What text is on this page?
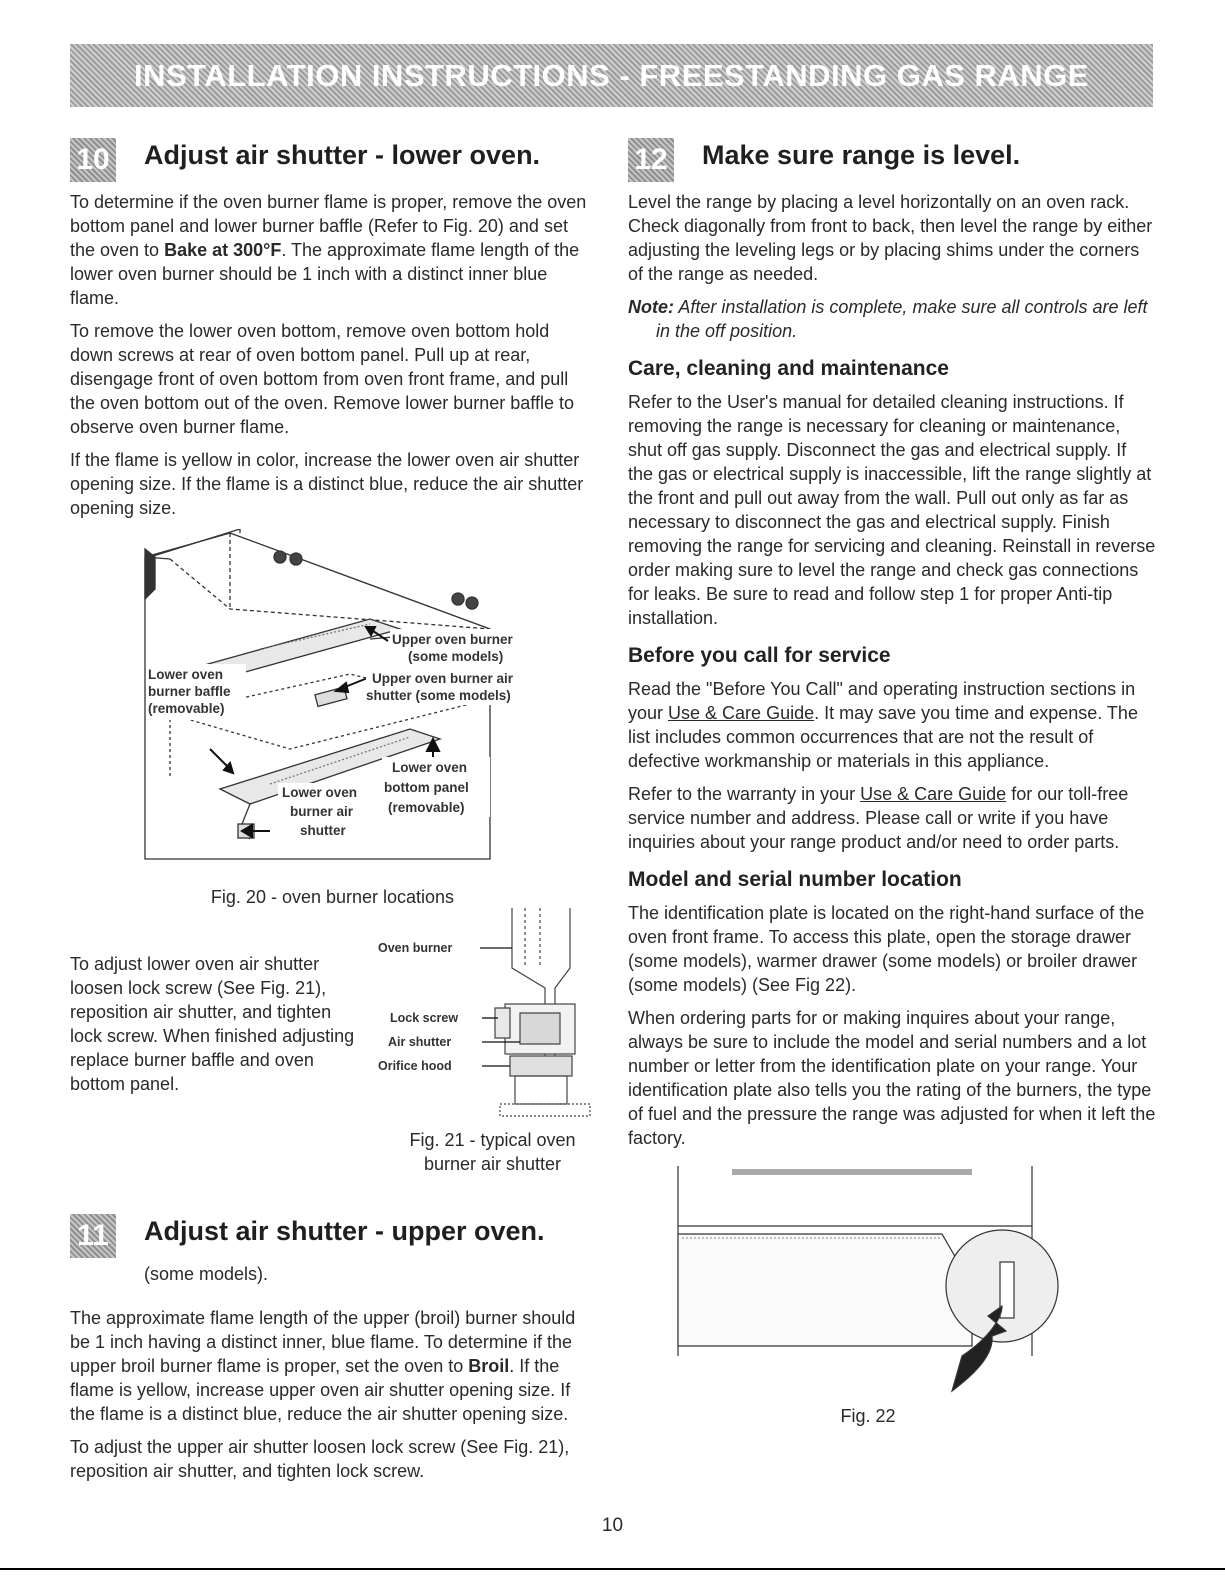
INSTALLATION INSTRUCTIONS - FREESTANDING GAS RANGE
10 Adjust air shutter - lower oven.

To determine if the oven burner flame is proper, remove the oven bottom panel and lower burner baffle (Refer to Fig. 20) and set the oven to Bake at 300°F. The approximate flame length of the lower oven burner should be 1 inch with a distinct inner blue flame.

To remove the lower oven bottom, remove oven bottom hold down screws at rear of oven bottom panel. Pull up at rear, disengage front of oven bottom from oven front frame, and pull the oven bottom out of the oven. Remove lower burner baffle to observe oven burner flame.

If the flame is yellow in color, increase the lower oven air shutter opening size. If the flame is a distinct blue, reduce the air shutter opening size.

Upper oven burner
(some models)
Upper oven burner air
shutter (some models)
Lower oven
burner baffle
(removable)
Lower oven
bottom panel
(removable)
Lower oven
burner air
shutter
Fig. 20 - oven burner locations

To adjust lower oven air shutter loosen lock screw (See Fig. 21), reposition air shutter, and tighten lock screw. When finished adjusting replace burner baffle and oven bottom panel.

Oven burner
Lock screw
Air shutter
Orifice hood
Fig. 21 - typical oven
burner air shutter
11 Adjust air shutter - upper oven.

(some models).

The approximate flame length of the upper (broil) burner should be 1 inch having a distinct inner, blue flame. To determine if the upper broil burner flame is proper, set the oven to Broil. If the flame is yellow, increase upper oven air shutter opening size. If the flame is a distinct blue, reduce the air shutter opening size.

To adjust the upper air shutter loosen lock screw (See Fig. 21), reposition air shutter, and tighten lock screw.

12 Make sure range is level.

Level the range by placing a level horizontally on an oven rack. Check diagonally from front to back, then level the range by either adjusting the leveling legs or by placing shims under the corners of the range as needed.

Note: After installation is complete, make sure all controls are left in the off position.

Care, cleaning and maintenance

Refer to the User's manual for detailed cleaning instructions. If removing the range is necessary for cleaning or maintenance, shut off gas supply. Disconnect the gas and electrical supply. If the gas or electrical supply is inaccessible, lift the range slightly at the front and pull out away from the wall. Pull out only as far as necessary to disconnect the gas and electrical supply. Finish removing the range for servicing and cleaning. Reinstall in reverse order making sure to level the range and check gas connections for leaks. Be sure to read and follow step 1 for proper Anti-tip installation.

Before you call for service

Read the "Before You Call" and operating instruction sections in your Use & Care Guide. It may save you time and expense. The list includes common occurrences that are not the result of defective workmanship or materials in this appliance.

Refer to the warranty in your Use & Care Guide for our toll-free service number and address. Please call or write if you have inquiries about your range product and/or need to order parts.

Model and serial number location

The identification plate is located on the right-hand surface of the oven front frame. To access this plate, open the storage drawer (some models), warmer drawer (some models) or broiler drawer (some models) (See Fig 22).

When ordering parts for or making inquires about your range, always be sure to include the model and serial numbers and a lot number or letter from the identification plate on your range. Your identification plate also tells you the rating of the burners, the type of fuel and the pressure the range was adjusted for when it left the factory.

Fig. 22
10
